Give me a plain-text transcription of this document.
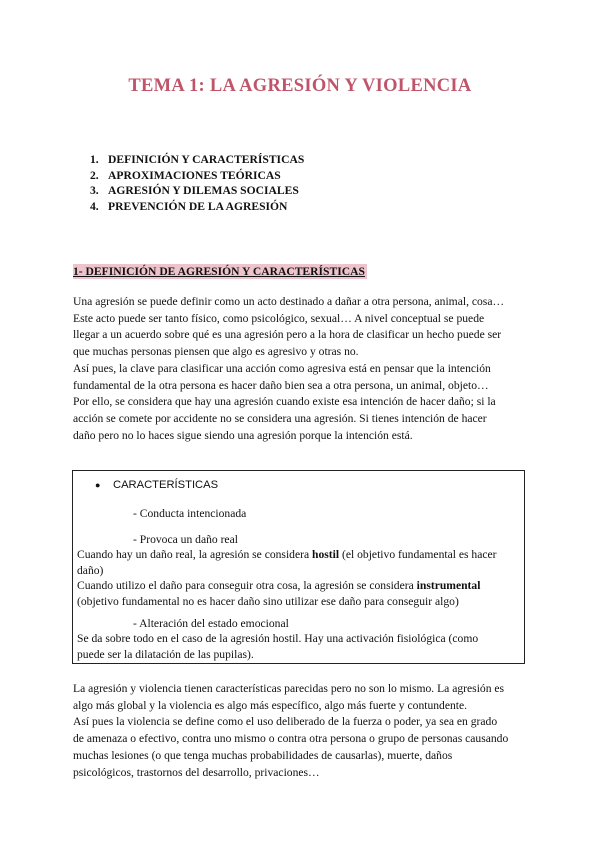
TEMA 1: LA AGRESIÓN Y VIOLENCIA
1. DEFINICIÓN Y CARACTERÍSTICAS
2. APROXIMACIONES TEÓRICAS
3. AGRESIÓN Y DILEMAS SOCIALES
4. PREVENCIÓN DE LA AGRESIÓN
1- DEFINICIÓN DE AGRESIÓN Y CARACTERÍSTICAS
Una agresión se puede definir como un acto destinado a dañar a otra persona, animal, cosa…
Este acto puede ser tanto físico, como psicológico, sexual… A nivel conceptual se puede
llegar a un acuerdo sobre qué es una agresión pero a la hora de clasificar un hecho puede ser
que muchas personas piensen que algo es agresivo y otras no.
Así pues, la clave para clasificar una acción como agresiva está en pensar que la intención
fundamental de la otra persona es hacer daño bien sea a otra persona, un animal, objeto…
Por ello, se considera que hay una agresión cuando existe esa intención de hacer daño; si la
acción se comete por accidente no se considera una agresión. Si tienes intención de hacer
daño pero no lo haces sigue siendo una agresión porque la intención está.
● CARACTERÍSTICAS
- Conducta intencionada
- Provoca un daño real
Cuando hay un daño real, la agresión se considera hostil (el objetivo fundamental es hacer
daño)
Cuando utilizo el daño para conseguir otra cosa, la agresión se considera instrumental
(objetivo fundamental no es hacer daño sino utilizar ese daño para conseguir algo)
- Alteración del estado emocional
Se da sobre todo en el caso de la agresión hostil. Hay una activación fisiológica (como
puede ser la dilatación de las pupilas).
La agresión y violencia tienen características parecidas pero no son lo mismo. La agresión es
algo más global y la violencia es algo más específico, algo más fuerte y contundente.
Así pues la violencia se define como el uso deliberado de la fuerza o poder, ya sea en grado
de amenaza o efectivo, contra uno mismo o contra otra persona o grupo de personas causando
muchas lesiones (o que tenga muchas probabilidades de causarlas), muerte, daños
psicológicos, trastornos del desarrollo, privaciones…
